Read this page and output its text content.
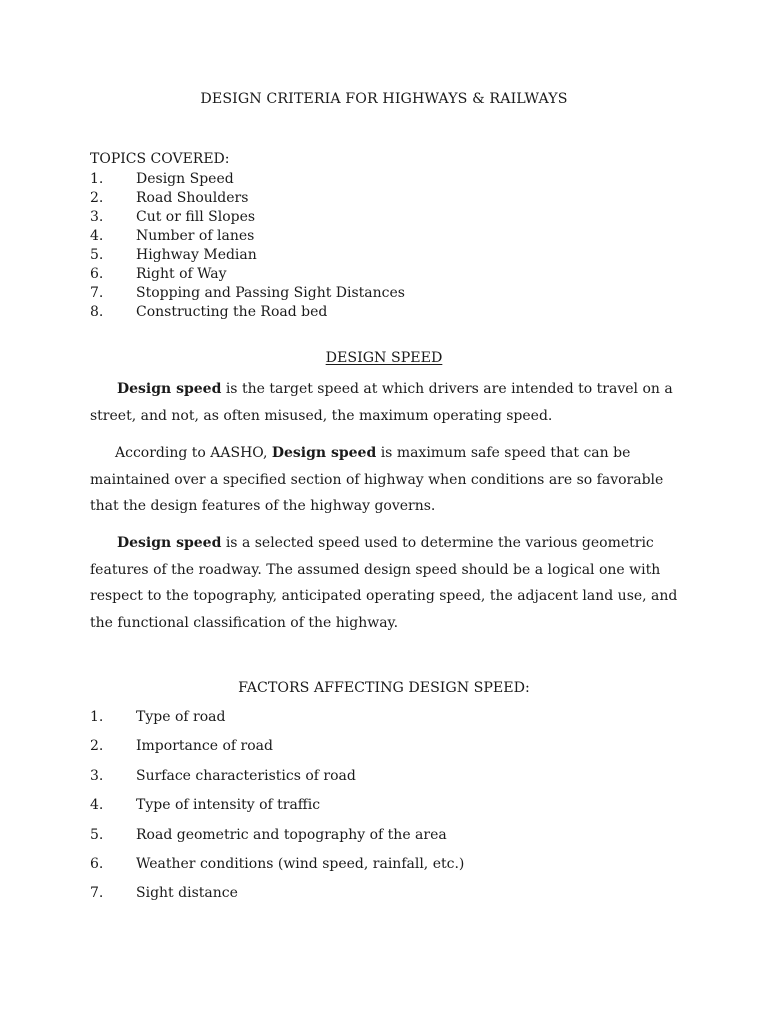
DESIGN CRITERIA FOR HIGHWAYS & RAILWAYS
TOPICS COVERED:
1. Design Speed
2. Road Shoulders
3. Cut or fill Slopes
4. Number of lanes
5. Highway Median
6. Right of Way
7. Stopping and Passing Sight Distances
8. Constructing the Road bed
DESIGN SPEED

Design speed is the target speed at which drivers are intended to travel on a street, and not, as often misused, the maximum operating speed.

According to AASHO, Design speed is maximum safe speed that can be maintained over a specified section of highway when conditions are so favorable that the design features of the highway governs.

Design speed is a selected speed used to determine the various geometric features of the roadway. The assumed design speed should be a logical one with respect to the topography, anticipated operating speed, the adjacent land use, and the functional classification of the highway.

FACTORS AFFECTING DESIGN SPEED:
1. Type of road
2. Importance of road
3. Surface characteristics of road
4. Type of intensity of traffic
5. Road geometric and topography of the area
6. Weather conditions (wind speed, rainfall, etc.)
7. Sight distance
